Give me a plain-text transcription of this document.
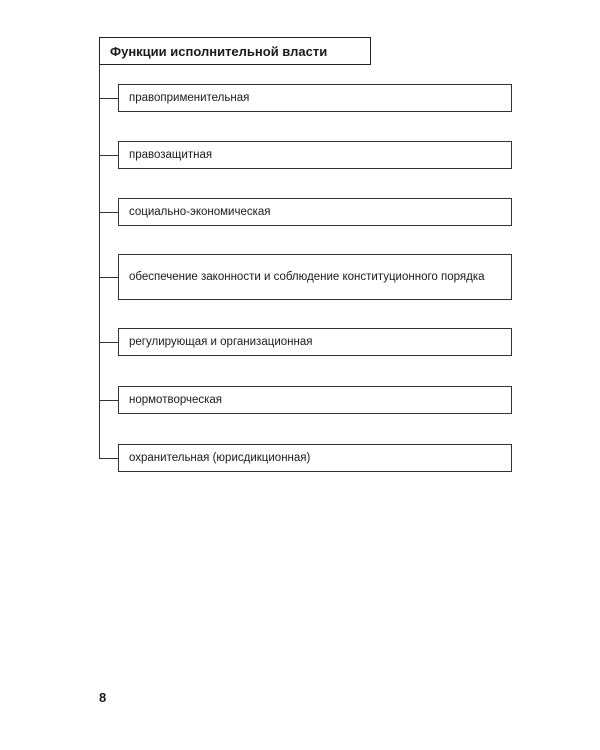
Функции исполнительной власти
правоприменительная
правозащитная
социально-экономическая
обеспечение законности и соблюдение конституционного порядка
регулирующая и организационная
нормотворческая
охранительная (юрисдикционная)
8
